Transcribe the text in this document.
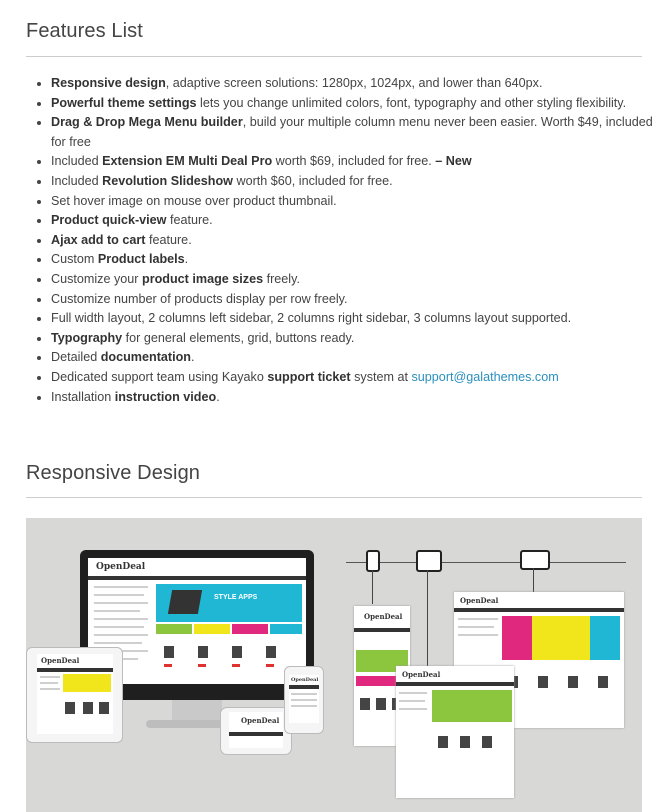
Features List
• Responsive design, adaptive screen solutions: 1280px, 1024px, and lower than 640px.
• Powerful theme settings lets you change unlimited colors, font, typography and other styling flexibility.
• Drag & Drop Mega Menu builder, build your multiple column menu never been easier. Worth $49, included for free
• Included Extension EM Multi Deal Pro worth $69, included for free. – New
• Included Revolution Slideshow worth $60, included for free.
• Set hover image on mouse over product thumbnail.
• Product quick-view feature.
• Ajax add to cart feature.
• Custom Product labels.
• Customize your product image sizes freely.
• Customize number of products display per row freely.
• Full width layout, 2 columns left sidebar, 2 columns right sidebar, 3 columns layout supported.
• Typography for general elements, grid, buttons ready.
• Detailed documentation.
• Dedicated support team using Kayako support ticket system at support@galathemes.com
• Installation instruction video.
Responsive Design
OpenDeal
STYLE APPS
OpenDeal
OpenDeal
OpenDeal
OpenDeal
OpenDeal
OpenDeal
